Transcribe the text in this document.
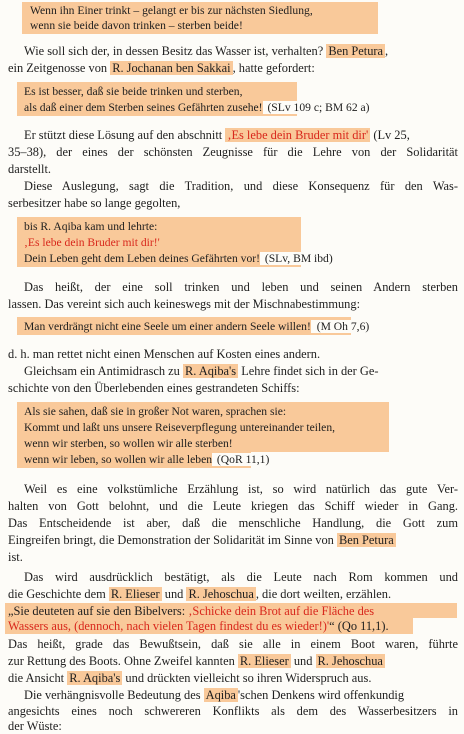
Wenn ihn Einer trinkt – gelangt er bis zur nächsten Siedlung,
wenn sie beide davon trinken – sterben beide!
Wie soll sich der, in dessen Besitz das Wasser ist, verhalten? Ben Petura ,
ein Zeitgenosse von R. Jochanan ben Sakkai , hatte gefordert:
Es ist besser, daß sie beide trinken und sterben,
als daß einer dem Sterben seines Gefährten zusehe! (SLv 109 c; BM 62 a)
Er stützt diese Lösung auf den abschnitt ‚Es lebe dein Bruder mit dir' (Lv 25,
35–38), der eines der schönsten Zeugnisse für die Lehre von der Solidarität
darstellt.
Diese Auslegung, sagt die Tradition, und diese Konsequenz für den Was-
serbesitzer habe so lange gegolten,
bis R. Aqiba kam und lehrte:
‚Es lebe dein Bruder mit dir!'
Dein Leben geht dem Leben deines Gefährten vor! (SLv, BM ibd)
Das heißt, der eine soll trinken und leben und seinen Andern sterben
lassen. Das vereint sich auch keineswegs mit der Mischnabestimmung:
Man verdrängt nicht eine Seele um einer andern Seele willen! (M Oh 7,6)
d. h. man rettet nicht einen Menschen auf Kosten eines andern.
Gleichsam ein Antimidrasch zu R. Aqiba's Lehre findet sich in der Ge-
schichte von den Überlebenden eines gestrandeten Schiffs:
Als sie sahen, daß sie in großer Not waren, sprachen sie:
Kommt und laßt uns unsere Reiseverpflegung untereinander teilen,
wenn wir sterben, so wollen wir alle sterben!
wenn wir leben, so wollen wir alle leben (QoR 11,1)
Weil es eine volkstümliche Erzählung ist, so wird natürlich das gute Ver-
halten von Gott belohnt, und die Leute kriegen das Schiff wieder in Gang.
Das Entscheidende ist aber, daß die menschliche Handlung, die Gott zum
Eingreifen bringt, die Demonstration der Solidarität im Sinne von Ben Petura
ist.
Das wird ausdrücklich bestätigt, als die Leute nach Rom kommen und
die Geschichte dem R. Elieser und R. Jehoschua , die dort weilten, erzählen.
„Sie deuteten auf sie den Bibelvers: ‚Schicke dein Brot auf die Fläche des
Wassers aus, (dennoch, nach vielen Tagen findest du es wieder!)'“ (Qo 11,1).
Das heißt, grade das Bewußtsein, daß sie alle in einem Boot waren, führte
zur Rettung des Boots. Ohne Zweifel kannten R. Elieser und R. Jehoschua
die Ansicht R. Aqiba's und drückten vielleicht so ihren Widerspruch aus.
Die verhängnisvolle Bedeutung des Aqiba 'schen Denkens wird offenkundig
angesichts eines noch schwereren Konflikts als dem des Wasserbesitzers in
der Wüste:
